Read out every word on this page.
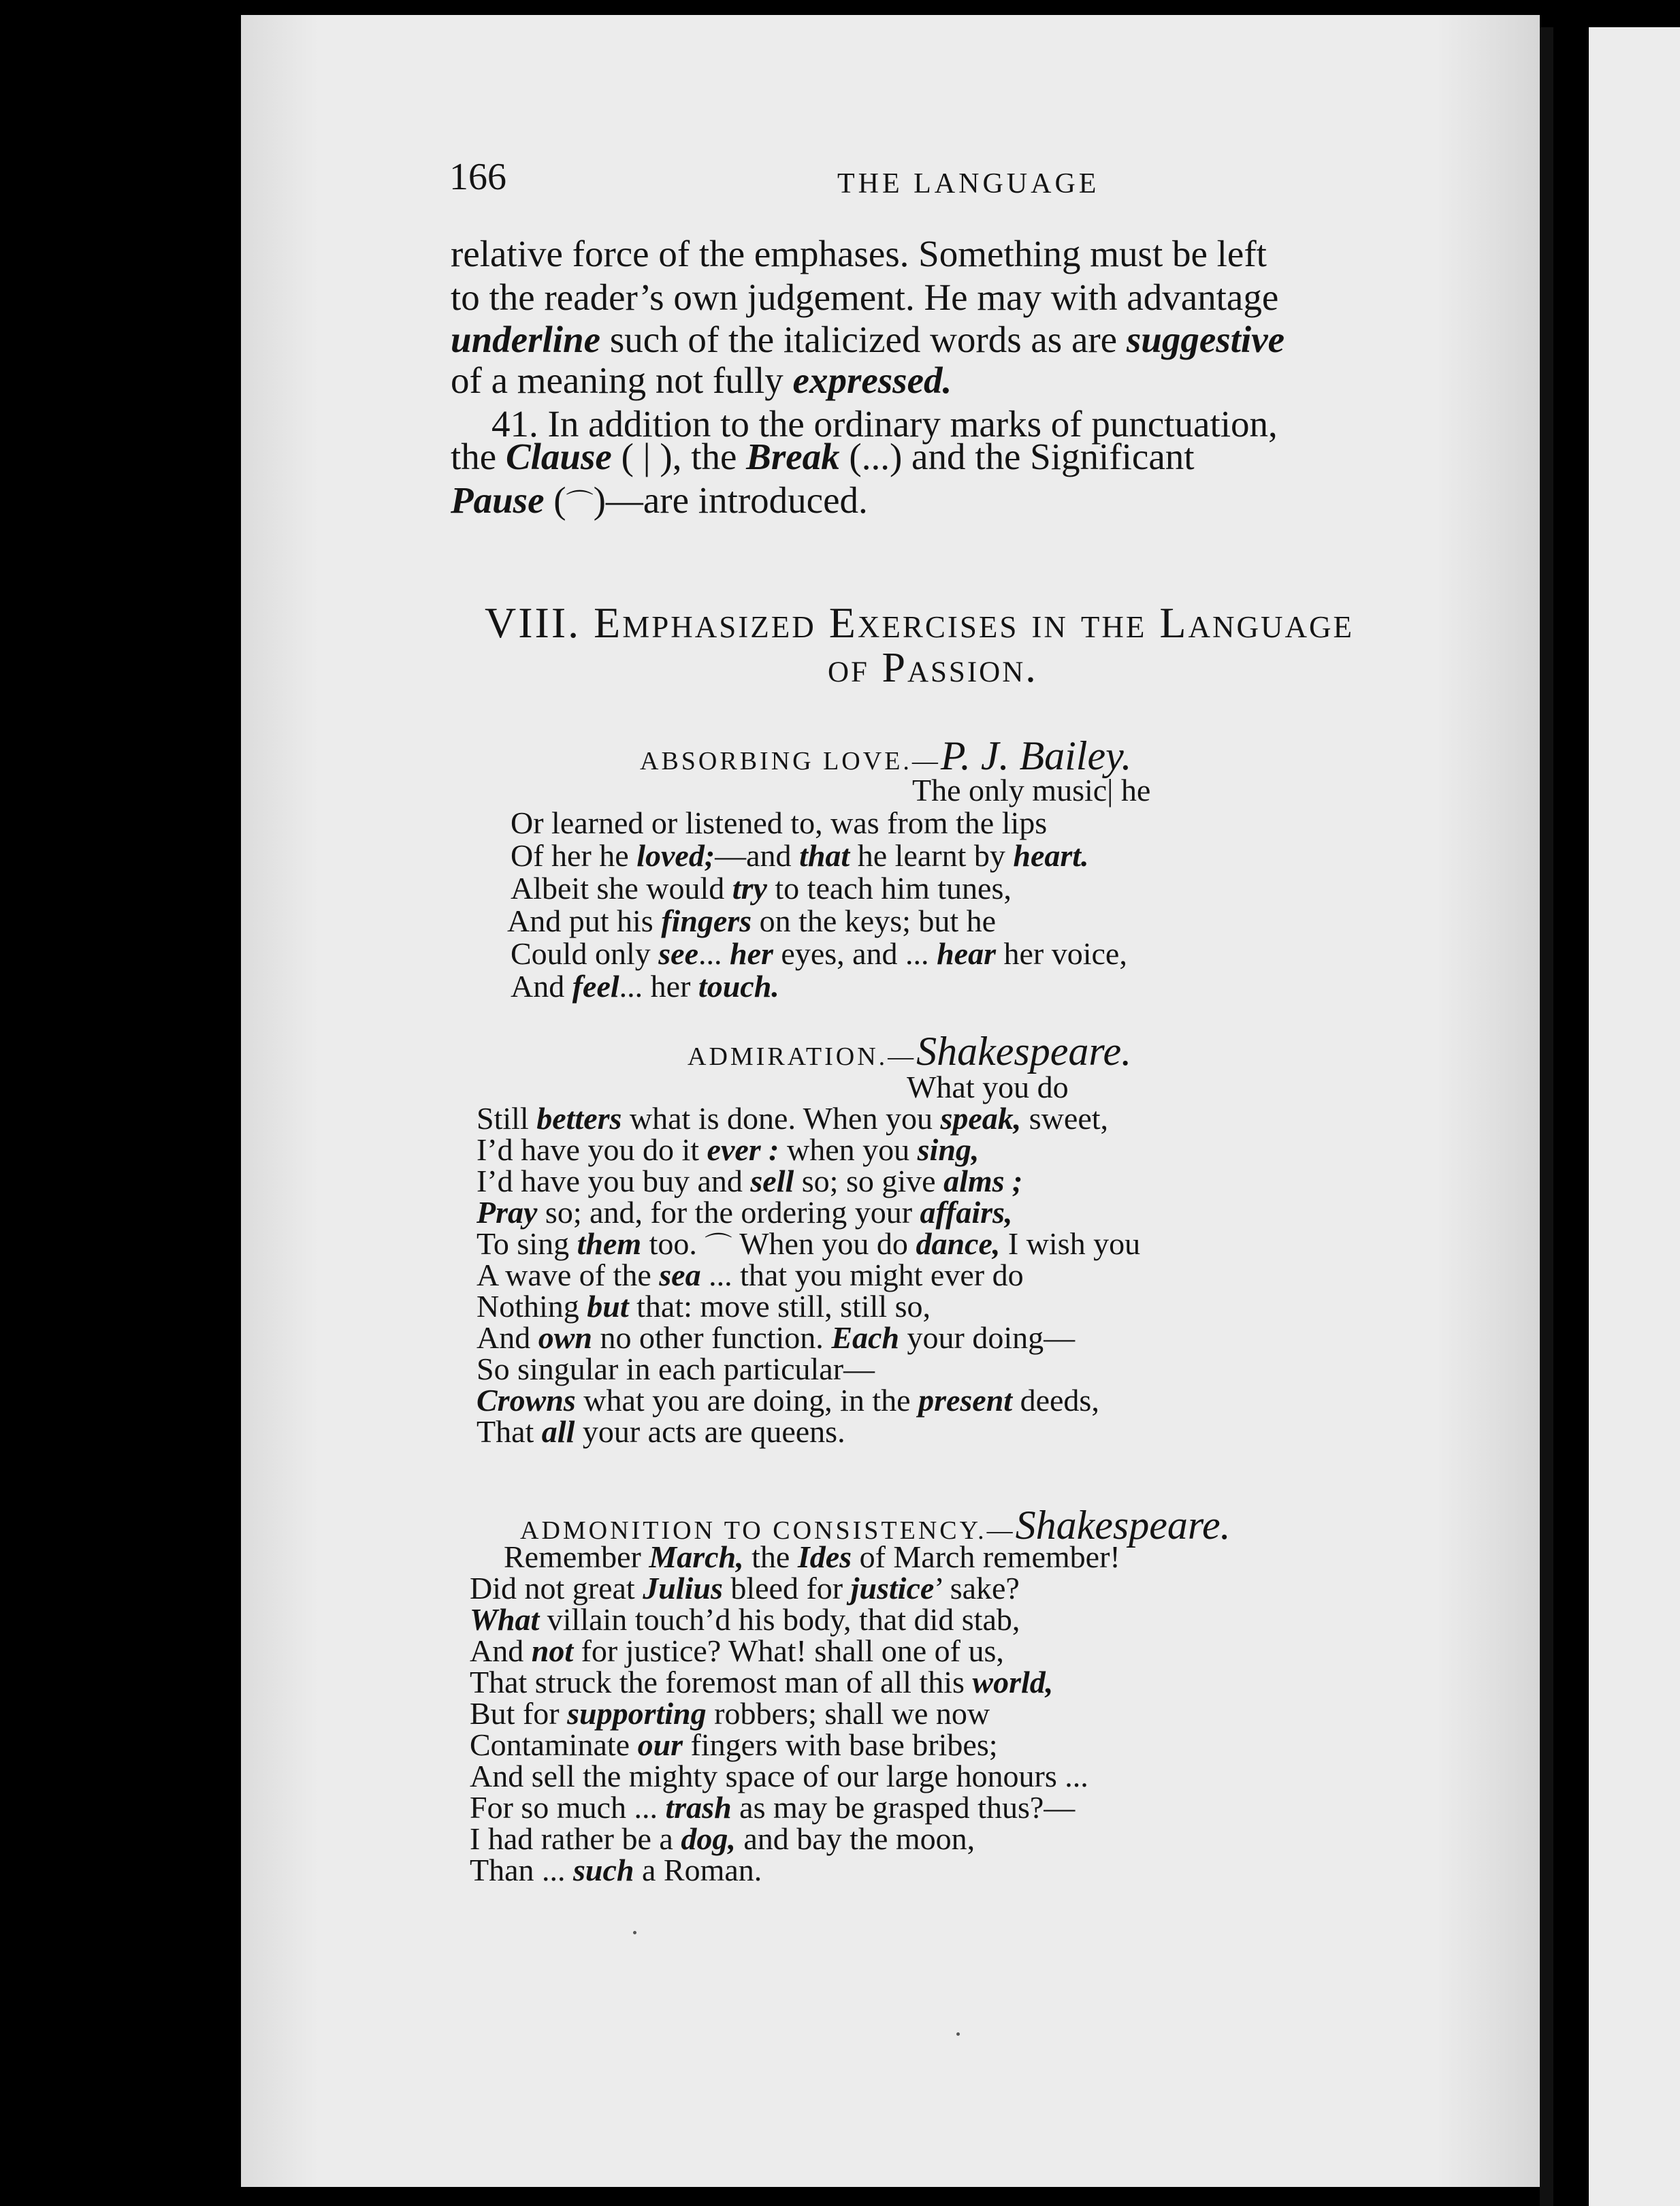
166	THE LANGUAGE
relative force of the emphases. Something must be left
to the reader’s own judgement. He may with advantage
underline such of the italicized words as are suggestive
of a meaning not fully expressed.
41. In addition to the ordinary marks of punctuation,
the Clause ( | ), the Break (...) and the Significant
Pause (⌒)—are introduced.
VIII. Emphasized Exercises in the Language
of Passion.
ABSORBING LOVE.—P. J. Bailey.
The only music| he
Or learned or listened to, was from the lips
Of her he loved;—and that he learnt by heart.
Albeit she would try to teach him tunes,
And put his fingers on the keys; but he
Could only see... her eyes, and ... hear her voice,
And feel... her touch.
ADMIRATION.—Shakespeare.
What you do
Still betters what is done. When you speak, sweet,
I’d have you do it ever : when you sing,
I’d have you buy and sell so; so give alms ;
Pray so; and, for the ordering your affairs,
To sing them too. ⌒ When you do dance, I wish you
A wave of the sea ... that you might ever do
Nothing but that: move still, still so,
And own no other function. Each your doing—
So singular in each particular—
Crowns what you are doing, in the present deeds,
That all your acts are queens.
ADMONITION TO CONSISTENCY.—Shakespeare.
Remember March, the Ides of March remember!
Did not great Julius bleed for justice’ sake?
What villain touch’d his body, that did stab,
And not for justice? What! shall one of us,
That struck the foremost man of all this world,
But for supporting robbers; shall we now
Contaminate our fingers with base bribes;
And sell the mighty space of our large honours ...
For so much ... trash as may be grasped thus?—
I had rather be a dog, and bay the moon,
Than ... such a Roman.
